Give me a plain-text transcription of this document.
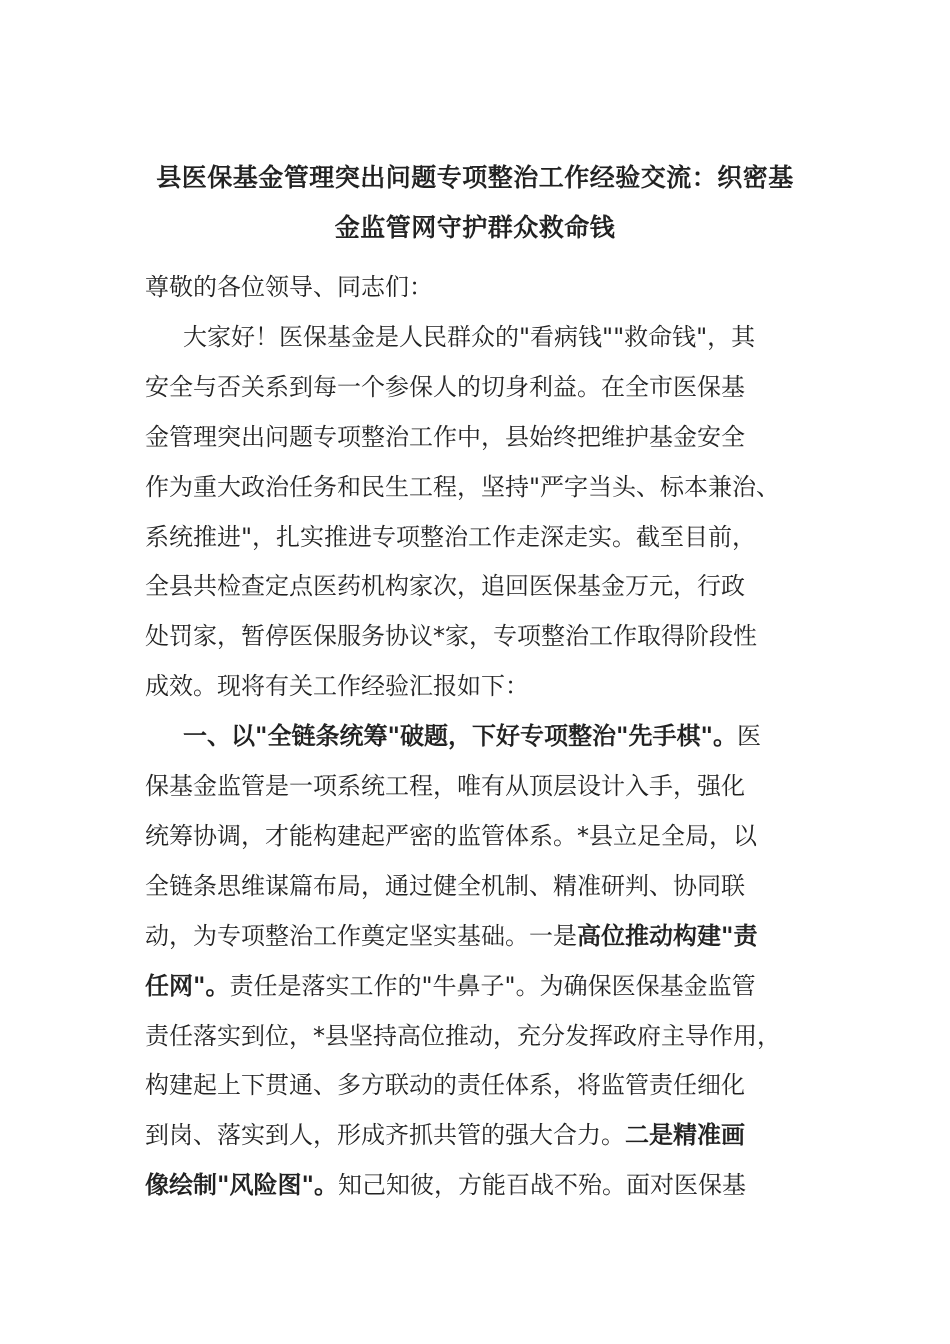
县医保基金管理突出问题专项整治工作经验交流：织密基
金监管网守护群众救命钱
尊敬的各位领导、同志们：
大家好！医保基金是人民群众的"看病钱""救命钱"，其
安全与否关系到每一个参保人的切身利益。在全市医保基
金管理突出问题专项整治工作中，县始终把维护基金安全
作为重大政治任务和民生工程，坚持"严字当头、标本兼治、
系统推进"，扎实推进专项整治工作走深走实。截至目前，
全县共检查定点医药机构家次，追回医保基金万元，行政
处罚家，暂停医保服务协议*家，专项整治工作取得阶段性
成效。现将有关工作经验汇报如下：
一、以"全链条统筹"破题，下好专项整治"先手棋"。医
保基金监管是一项系统工程，唯有从顶层设计入手，强化
统筹协调，才能构建起严密的监管体系。*县立足全局，以
全链条思维谋篇布局，通过健全机制、精准研判、协同联
动，为专项整治工作奠定坚实基础。一是高位推动构建"责
任网"。责任是落实工作的"牛鼻子"。为确保医保基金监管
责任落实到位，*县坚持高位推动，充分发挥政府主导作用，
构建起上下贯通、多方联动的责任体系，将监管责任细化
到岗、落实到人，形成齐抓共管的强大合力。二是精准画
像绘制"风险图"。知己知彼，方能百战不殆。面对医保基
